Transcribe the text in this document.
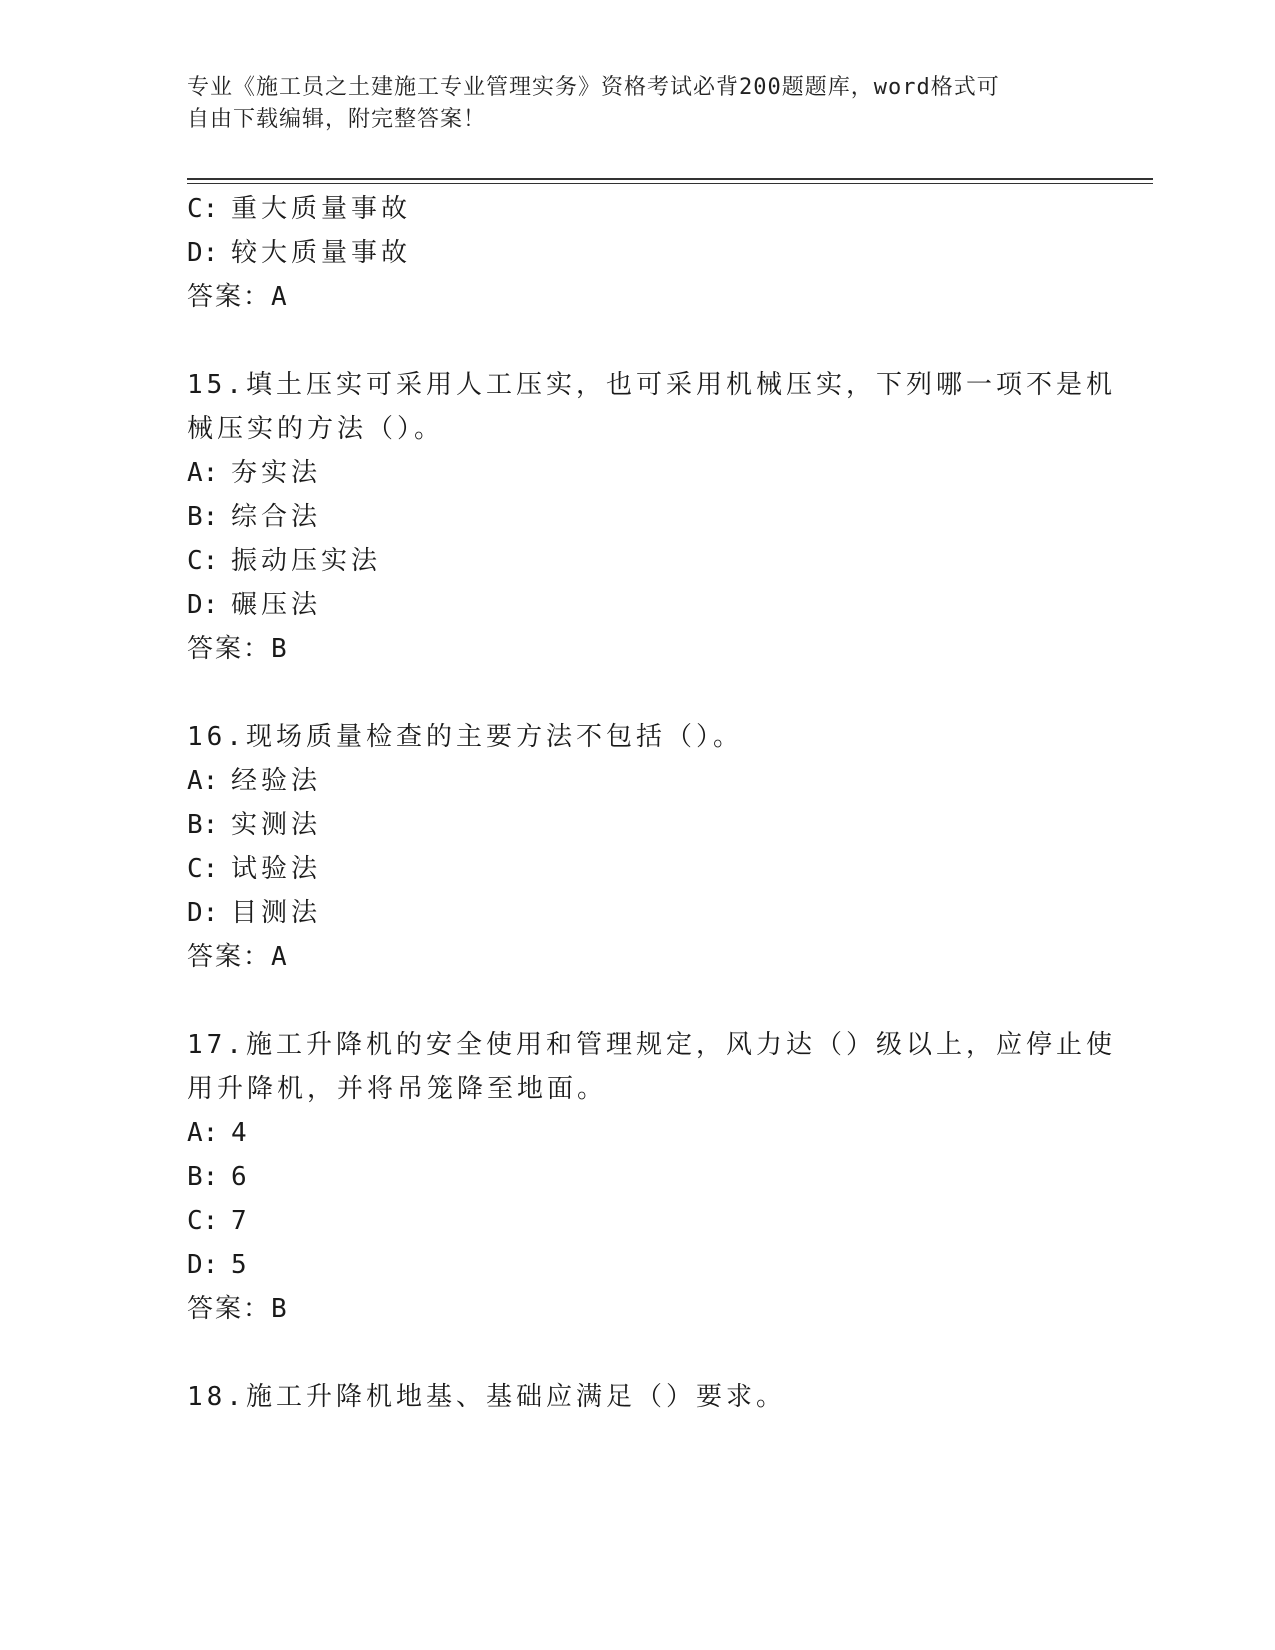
专业《施工员之土建施工专业管理实务》资格考试必背200题题库，word格式可
自由下载编辑，附完整答案！
C: 重大质量事故
D: 较大质量事故
答案：A
15.填土压实可采用人工压实，也可采用机械压实，下列哪一项不是机
械压实的方法（）。
A: 夯实法
B: 综合法
C: 振动压实法
D: 碾压法
答案：B
16.现场质量检查的主要方法不包括（）。
A: 经验法
B: 实测法
C: 试验法
D: 目测法
答案：A
17.施工升降机的安全使用和管理规定，风力达（）级以上，应停止使
用升降机，并将吊笼降至地面。
A: 4
B: 6
C: 7
D: 5
答案：B
18.施工升降机地基、基础应满足（）要求。
